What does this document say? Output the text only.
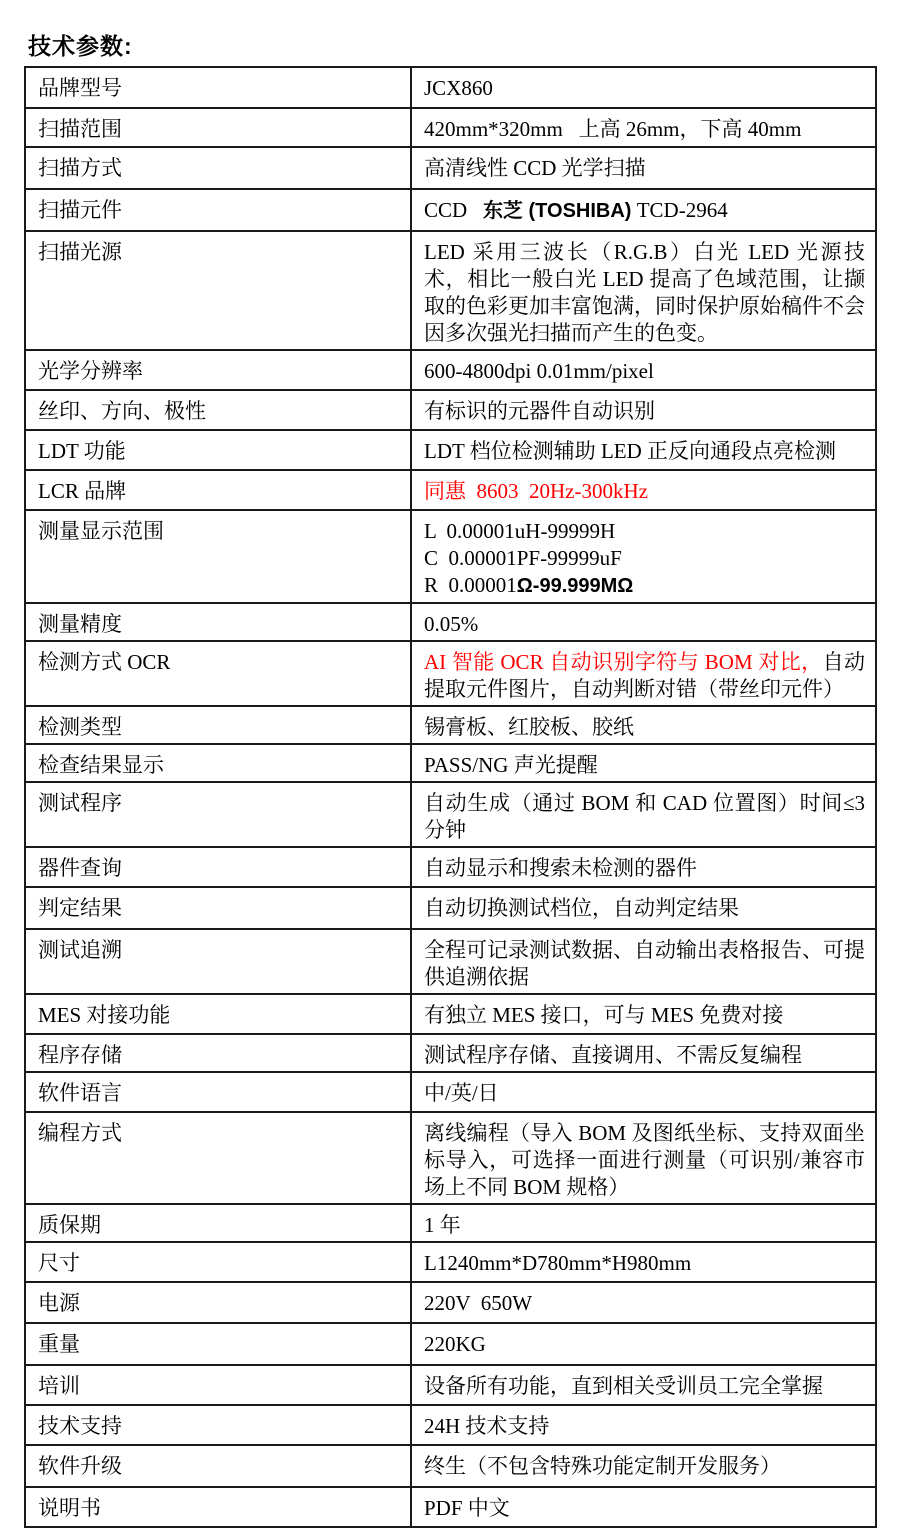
技术参数:
品牌型号	JCX860
扫描范围	420mm*320mm   上高 26mm，下高 40mm
扫描方式	高清线性 CCD 光学扫描
扫描元件	CCD   东芝 (TOSHIBA) TCD-2964
扫描光源	LED 采用三波长（R.G.B）白光 LED 光源技术，相比一般白光 LED 提高了色域范围，让撷取的色彩更加丰富饱满，同时保护原始稿件不会因多次强光扫描而产生的色变。
光学分辨率	600-4800dpi 0.01mm/pixel
丝印、方向、极性	有标识的元器件自动识别
LDT 功能	LDT 档位检测辅助 LED 正反向通段点亮检测
LCR 品牌	同惠  8603  20Hz-300kHz
测量显示范围	L  0.00001uH-99999H
C  0.00001PF-99999uF
R  0.00001Ω-99.999MΩ
测量精度	0.05%
检测方式 OCR	AI 智能 OCR 自动识别字符与 BOM 对比，自动提取元件图片，自动判断对错（带丝印元件）
检测类型	锡膏板、红胶板、胶纸
检查结果显示	PASS/NG 声光提醒
测试程序	自动生成（通过 BOM 和 CAD 位置图）时间≤3 分钟
器件查询	自动显示和搜索未检测的器件
判定结果	自动切换测试档位，自动判定结果
测试追溯	全程可记录测试数据、自动输出表格报告、可提供追溯依据
MES 对接功能	有独立 MES 接口，可与 MES 免费对接
程序存储	测试程序存储、直接调用、不需反复编程
软件语言	中/英/日
编程方式	离线编程（导入 BOM 及图纸坐标、支持双面坐标导入，可选择一面进行测量（可识别/兼容市场上不同 BOM 规格）
质保期	1 年
尺寸	L1240mm*D780mm*H980mm
电源	220V  650W
重量	220KG
培训	设备所有功能，直到相关受训员工完全掌握
技术支持	24H 技术支持
软件升级	终生（不包含特殊功能定制开发服务）
说明书	PDF 中文
